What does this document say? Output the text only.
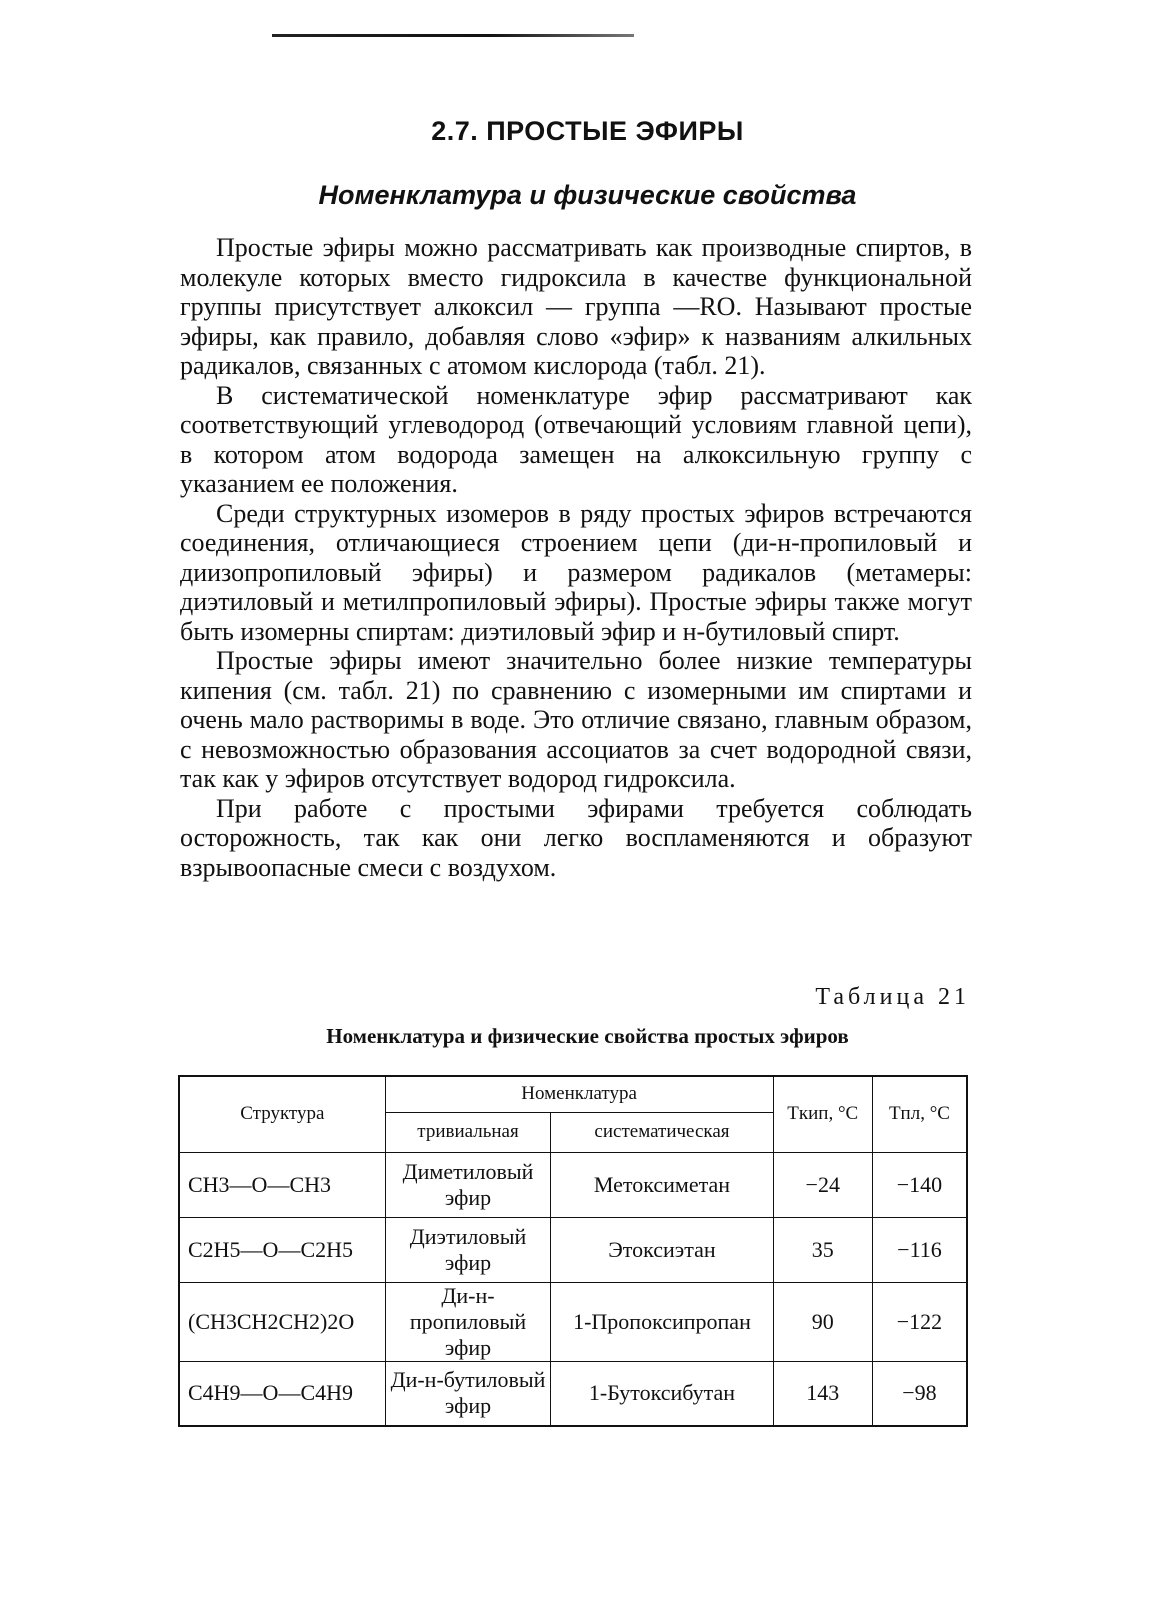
2.7. ПРОСТЫЕ ЭФИРЫ
Номенклатура и физические свойства

Простые эфиры можно рассматривать как производные спиртов, в молекуле которых вместо гидроксила в качестве функциональной группы присутствует алкоксил — группа —RO. Называют простые эфиры, как правило, добавляя слово «эфир» к названиям алкильных радикалов, связанных с атомом кислорода (табл. 21).

В систематической номенклатуре эфир рассматривают как соответствующий углеводород (отвечающий условиям главной цепи), в котором атом водорода замещен на алкоксильную группу с указанием ее положения.

Среди структурных изомеров в ряду простых эфиров встречаются соединения, отличающиеся строением цепи (ди-н-пропиловый и диизопропиловый эфиры) и размером радикалов (метамеры: диэтиловый и метилпропиловый эфиры). Простые эфиры также могут быть изомерны спиртам: диэтиловый эфир и н-бутиловый спирт.

Простые эфиры имеют значительно более низкие температуры кипения (см. табл. 21) по сравнению с изомерными им спиртами и очень мало растворимы в воде. Это отличие связано, главным образом, с невозможностью образования ассоциатов за счет водородной связи, так как у эфиров отсутствует водород гидроксила.

При работе с простыми эфирами требуется соблюдать осторожность, так как они легко воспламеняются и образуют взрывоопасные смеси с воздухом.

Таблица 21
Номенклатура и физические свойства простых эфиров
Структура	Номенклатура		Tкип, °C	Tпл, °C
	тривиальная	систематическая		
CH3—O—CH3	Диметиловый эфир	Метоксиметан	−24	−140
C2H5—O—C2H5	Диэтиловый эфир	Этоксиэтан	35	−116
(CH3CH2CH2)2O	Ди-н-пропиловый эфир	1-Пропоксипропан	90	−122
C4H9—O—C4H9	Ди-н-бутиловый эфир	1-Бутоксибутан	143	−98
